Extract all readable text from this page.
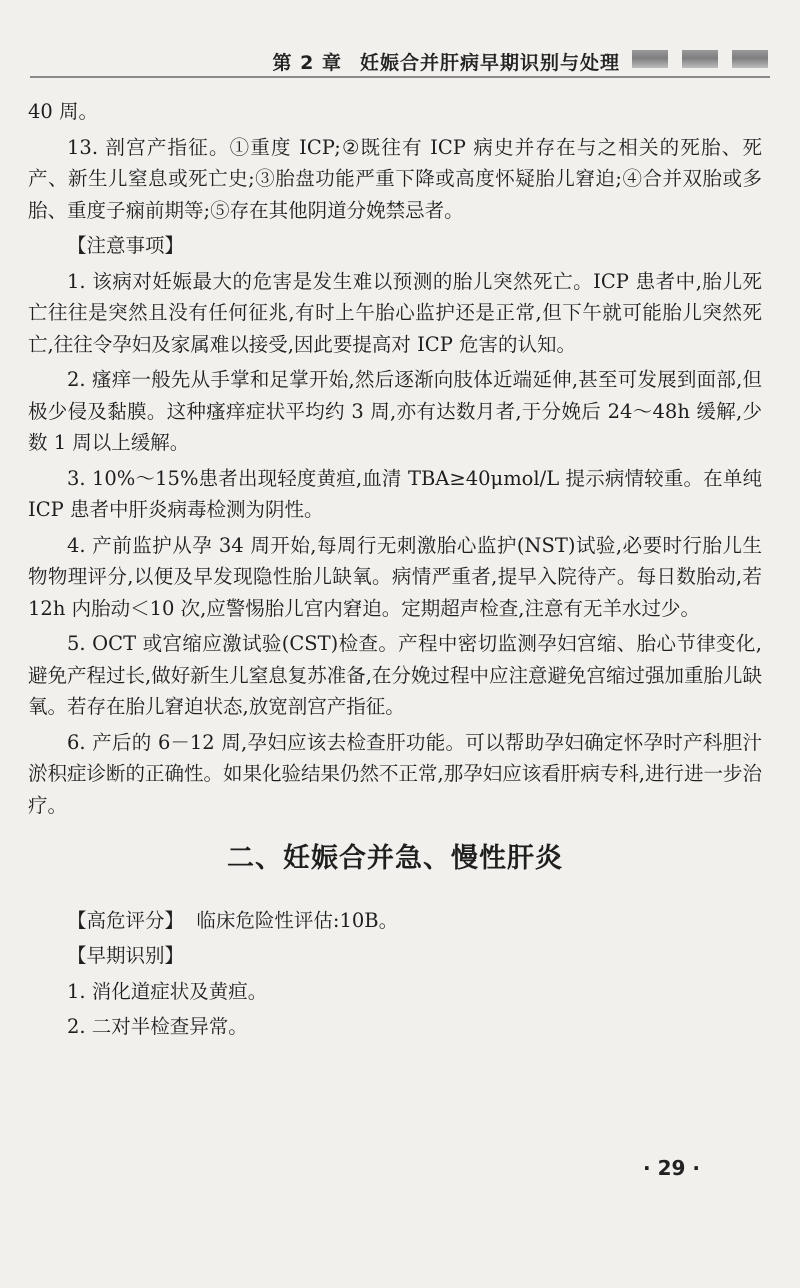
第 2 章 妊娠合并肝病早期识别与处理

40 周。

13. 剖宫产指征。①重度 ICP;②既往有 ICP 病史并存在与之相关的死胎、死产、新生儿窒息或死亡史;③胎盘功能严重下降或高度怀疑胎儿窘迫;④合并双胎或多胎、重度子痫前期等;⑤存在其他阴道分娩禁忌者。

【注意事项】

1. 该病对妊娠最大的危害是发生难以预测的胎儿突然死亡。ICP 患者中,胎儿死亡往往是突然且没有任何征兆,有时上午胎心监护还是正常,但下午就可能胎儿突然死亡,往往令孕妇及家属难以接受,因此要提高对 ICP 危害的认知。

2. 瘙痒一般先从手掌和足掌开始,然后逐渐向肢体近端延伸,甚至可发展到面部,但极少侵及黏膜。这种瘙痒症状平均约 3 周,亦有达数月者,于分娩后 24～48h 缓解,少数 1 周以上缓解。

3. 10%～15%患者出现轻度黄疸,血清 TBA≥40μmol/L 提示病情较重。在单纯 ICP 患者中肝炎病毒检测为阴性。

4. 产前监护从孕 34 周开始,每周行无刺激胎心监护(NST)试验,必要时行胎儿生物物理评分,以便及早发现隐性胎儿缺氧。病情严重者,提早入院待产。每日数胎动,若 12h 内胎动＜10 次,应警惕胎儿宫内窘迫。定期超声检查,注意有无羊水过少。

5. OCT 或宫缩应激试验(CST)检查。产程中密切监测孕妇宫缩、胎心节律变化,避免产程过长,做好新生儿窒息复苏准备,在分娩过程中应注意避免宫缩过强加重胎儿缺氧。若存在胎儿窘迫状态,放宽剖宫产指征。

6. 产后的 6－12 周,孕妇应该去检查肝功能。可以帮助孕妇确定怀孕时产科胆汁淤积症诊断的正确性。如果化验结果仍然不正常,那孕妇应该看肝病专科,进行进一步治疗。

二、妊娠合并急、慢性肝炎

【高危评分】 临床危险性评估:10B。

【早期识别】

1. 消化道症状及黄疸。

2. 二对半检查异常。

· 29 ·
